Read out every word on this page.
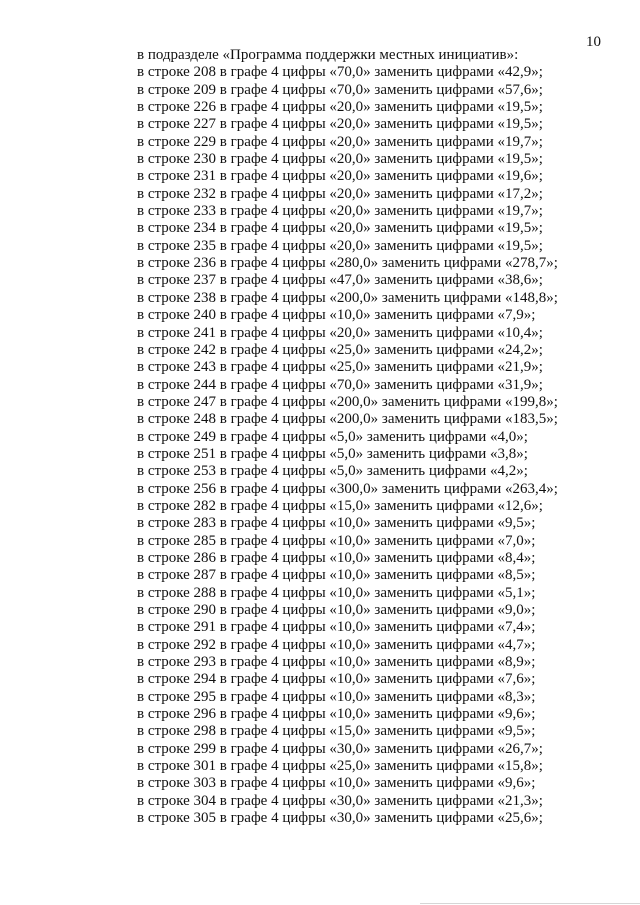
10
в подразделе «Программа поддержки местных инициатив»:
в строке 208 в графе 4 цифры «70,0» заменить цифрами «42,9»;
в строке 209 в графе 4 цифры «70,0» заменить цифрами «57,6»;
в строке 226 в графе 4 цифры «20,0» заменить цифрами «19,5»;
в строке 227 в графе 4 цифры «20,0» заменить цифрами «19,5»;
в строке 229 в графе 4 цифры «20,0» заменить цифрами «19,7»;
в строке 230 в графе 4 цифры «20,0» заменить цифрами «19,5»;
в строке 231 в графе 4 цифры «20,0» заменить цифрами «19,6»;
в строке 232 в графе 4 цифры «20,0» заменить цифрами «17,2»;
в строке 233 в графе 4 цифры «20,0» заменить цифрами «19,7»;
в строке 234 в графе 4 цифры «20,0» заменить цифрами «19,5»;
в строке 235 в графе 4 цифры «20,0» заменить цифрами «19,5»;
в строке 236 в графе 4 цифры «280,0» заменить цифрами «278,7»;
в строке 237 в графе 4 цифры «47,0» заменить цифрами «38,6»;
в строке 238 в графе 4 цифры «200,0» заменить цифрами «148,8»;
в строке 240 в графе 4 цифры «10,0» заменить цифрами «7,9»;
в строке 241 в графе 4 цифры «20,0» заменить цифрами «10,4»;
в строке 242 в графе 4 цифры «25,0» заменить цифрами «24,2»;
в строке 243 в графе 4 цифры «25,0» заменить цифрами «21,9»;
в строке 244 в графе 4 цифры «70,0» заменить цифрами «31,9»;
в строке 247 в графе 4 цифры «200,0» заменить цифрами «199,8»;
в строке 248 в графе 4 цифры «200,0» заменить цифрами «183,5»;
в строке 249 в графе 4 цифры «5,0» заменить цифрами «4,0»;
в строке 251 в графе 4 цифры «5,0» заменить цифрами «3,8»;
в строке 253 в графе 4 цифры «5,0» заменить цифрами «4,2»;
в строке 256 в графе 4 цифры «300,0» заменить цифрами «263,4»;
в строке 282 в графе 4 цифры «15,0» заменить цифрами «12,6»;
в строке 283 в графе 4 цифры «10,0» заменить цифрами «9,5»;
в строке 285 в графе 4 цифры «10,0» заменить цифрами «7,0»;
в строке 286 в графе 4 цифры «10,0» заменить цифрами «8,4»;
в строке 287 в графе 4 цифры «10,0» заменить цифрами «8,5»;
в строке 288 в графе 4 цифры «10,0» заменить цифрами «5,1»;
в строке 290 в графе 4 цифры «10,0» заменить цифрами «9,0»;
в строке 291 в графе 4 цифры «10,0» заменить цифрами «7,4»;
в строке 292 в графе 4 цифры «10,0» заменить цифрами «4,7»;
в строке 293 в графе 4 цифры «10,0» заменить цифрами «8,9»;
в строке 294 в графе 4 цифры «10,0» заменить цифрами «7,6»;
в строке 295 в графе 4 цифры «10,0» заменить цифрами «8,3»;
в строке 296 в графе 4 цифры «10,0» заменить цифрами «9,6»;
в строке 298 в графе 4 цифры «15,0» заменить цифрами «9,5»;
в строке 299 в графе 4 цифры «30,0» заменить цифрами «26,7»;
в строке 301 в графе 4 цифры «25,0» заменить цифрами «15,8»;
в строке 303 в графе 4 цифры «10,0» заменить цифрами «9,6»;
в строке 304 в графе 4 цифры «30,0» заменить цифрами «21,3»;
в строке 305 в графе 4 цифры «30,0» заменить цифрами «25,6»;
